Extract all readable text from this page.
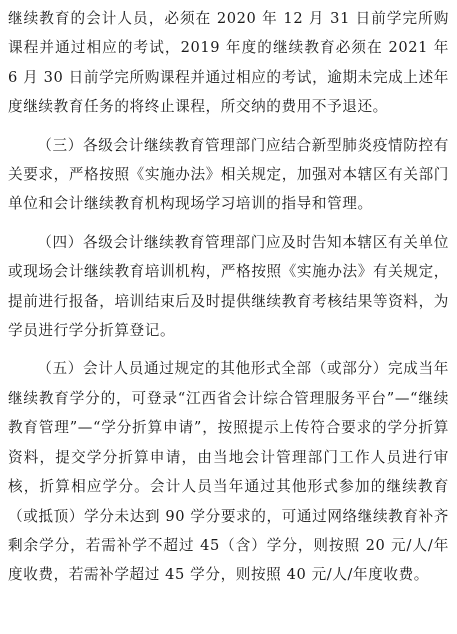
继续教育的会计人员，必须在 2020 年 12 月 31 日前学完所购课程并通过相应的考试，2019 年度的继续教育必须在 2021 年 6 月 30 日前学完所购课程并通过相应的考试，逾期未完成上述年度继续教育任务的将终止课程，所交纳的费用不予退还。

（三）各级会计继续教育管理部门应结合新型肺炎疫情防控有关要求，严格按照《实施办法》相关规定，加强对本辖区有关部门单位和会计继续教育机构现场学习培训的指导和管理。

（四）各级会计继续教育管理部门应及时告知本辖区有关单位或现场会计继续教育培训机构，严格按照《实施办法》有关规定，提前进行报备，培训结束后及时提供继续教育考核结果等资料，为学员进行学分折算登记。

（五）会计人员通过规定的其他形式全部（或部分）完成当年继续教育学分的，可登录“江西省会计综合管理服务平台”—“继续教育管理”—“学分折算申请”，按照提示上传符合要求的学分折算资料，提交学分折算申请，由当地会计管理部门工作人员进行审核，折算相应学分。会计人员当年通过其他形式参加的继续教育（或抵顶）学分未达到 90 学分要求的，可通过网络继续教育补齐剩余学分，若需补学不超过 45（含）学分，则按照 20 元/人/年度收费，若需补学超过 45 学分，则按照 40 元/人/年度收费。
